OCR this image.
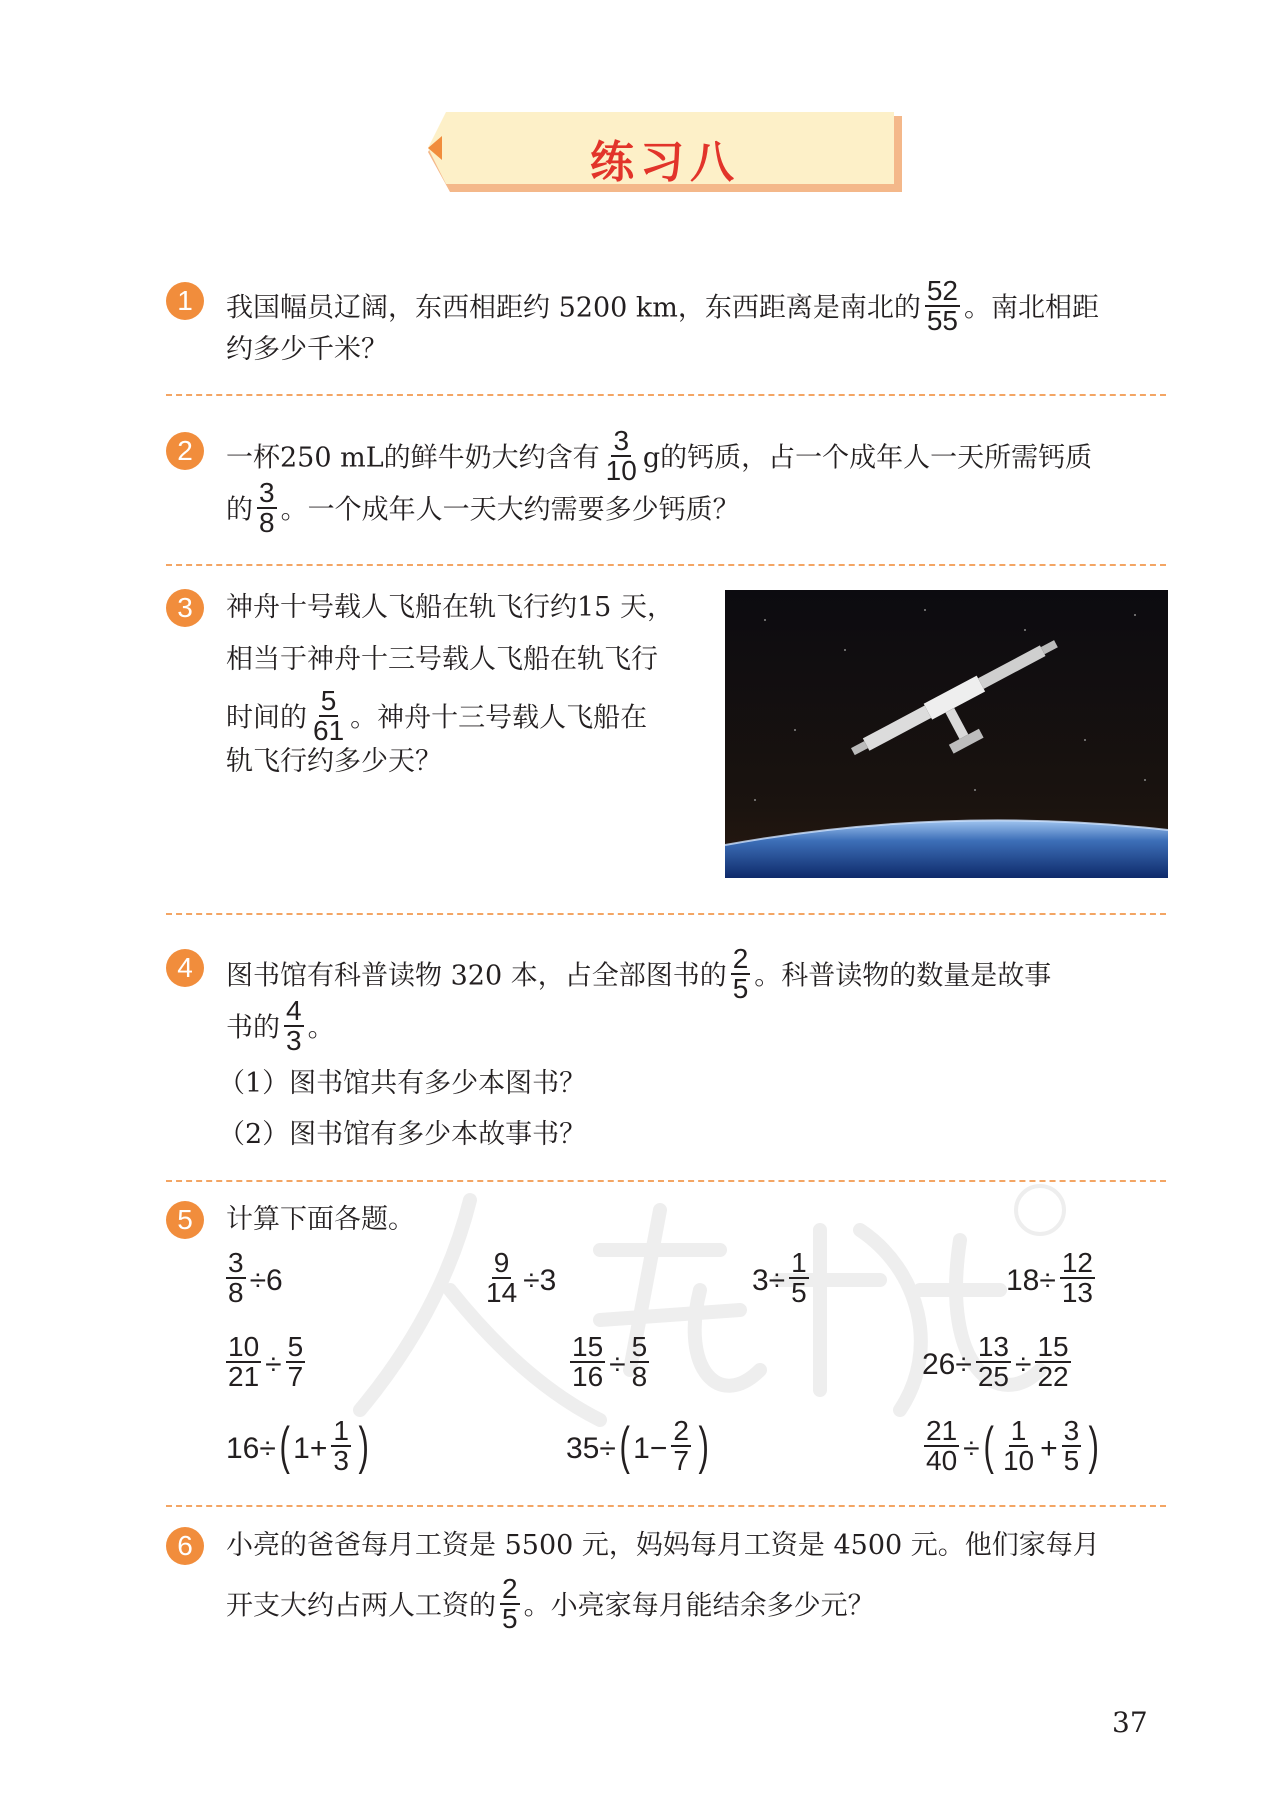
练习八
1	我国幅员辽阔，东西相距约 5200 km，东西距离是南北的 $\frac{52}{55}$ 。南北相距
约多少千米？
2	一杯250 mL的鲜牛奶大约含有 $\frac{3}{10}$ g的钙质，占一个成年人一天所需钙质
的 $\frac{3}{8}$ 。一个成年人一天大约需要多少钙质？
3	神舟十号载人飞船在轨飞行约15 天，
相当于神舟十三号载人飞船在轨飞行
时间的 $\frac{5}{61}$ 。神舟十三号载人飞船在
轨飞行约多少天？
4	图书馆有科普读物 320 本，占全部图书的 $\frac{2}{5}$ 。科普读物的数量是故事
书的 $\frac{4}{3}$ 。
（1）图书馆共有多少本图书？
（2）图书馆有多少本故事书？
5	计算下面各题。
$\frac{3}{8} \div 6$	$\frac{9}{14} \div 3$	$3\div \frac{1}{5}$	$18\div \frac{12}{13}$
$\frac{10}{21} \div \frac{5}{7}$	$\frac{15}{16} \div \frac{5}{8}$	$26\div \frac{13}{25} \div \frac{15}{22}$
16÷ ( $1+ \frac{1}{3}$ )	35÷ ( $1- \frac{2}{7}$ )	$\frac{21}{40}$ ÷ ( $\frac{1}{10} + \frac{3}{5}$ )
6	小亮的爸爸每月工资是 5500 元，妈妈每月工资是 4500 元。他们家每月
开支大约占两人工资的 $\frac{2}{5}$ 。小亮家每月能结余多少元？
37
